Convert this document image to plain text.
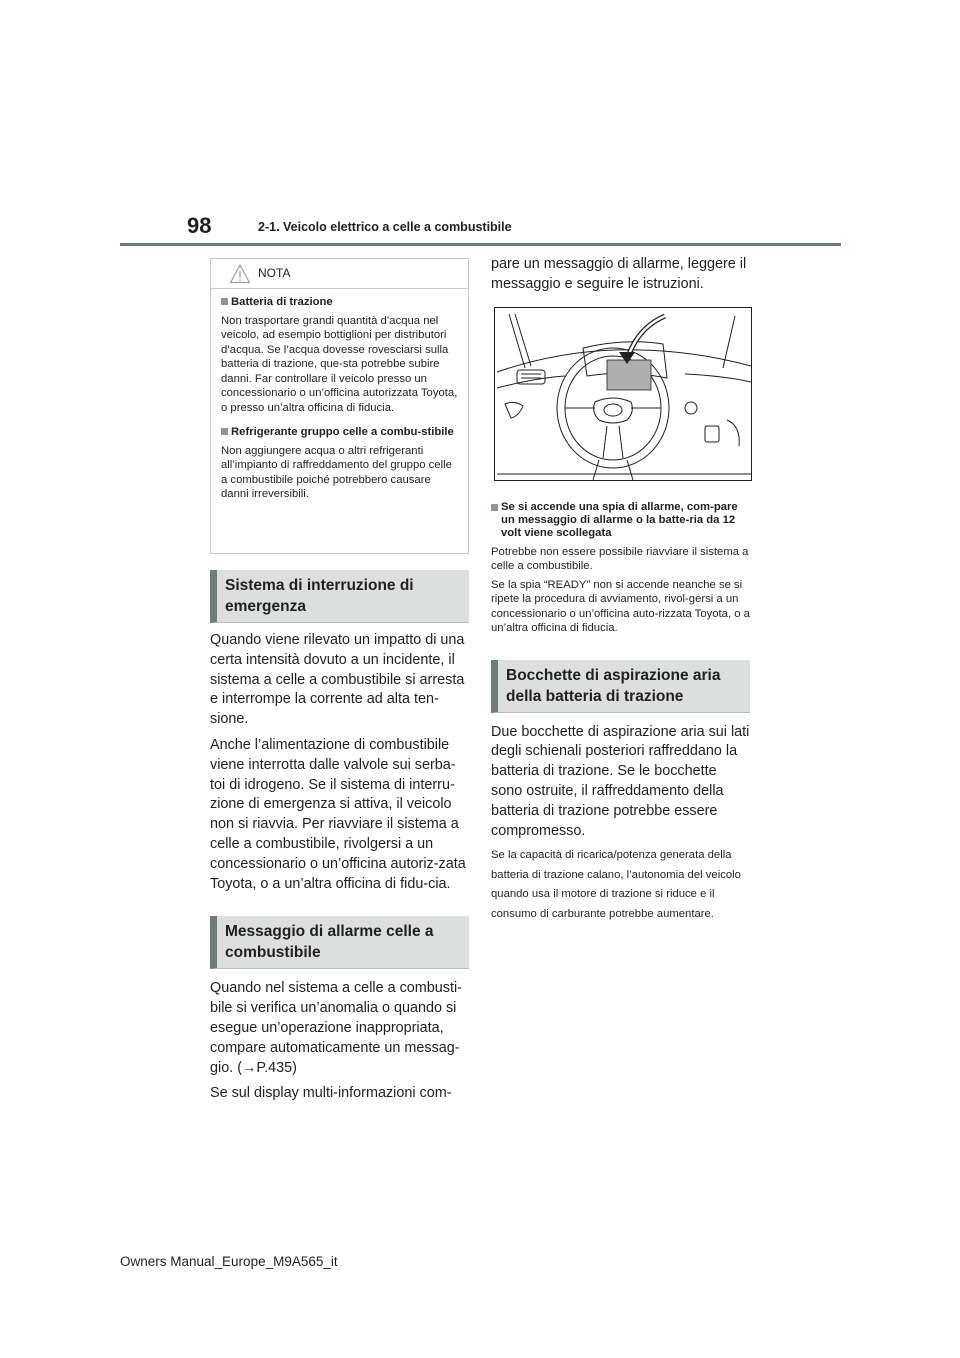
98	2-1. Veicolo elettrico a celle a combustibile
NOTA
Batteria di trazione
Non trasportare grandi quantità d’acqua nel veicolo, ad esempio bottiglioni per distributori d’acqua. Se l’acqua dovesse rovesciarsi sulla batteria di trazione, que-sta potrebbe subire danni. Far controllare il veicolo presso un concessionario o un’officina autorizzata Toyota, o presso un’altra officina di fiducia.
Refrigerante gruppo celle a combu-stibile
Non aggiungere acqua o altri refrigeranti all’impianto di raffreddamento del gruppo celle a combustibile poiché potrebbero causare danni irreversibili.
Sistema di interruzione di emergenza

Quando viene rilevato un impatto di una certa intensità dovuto a un incidente, il sistema a celle a combustibile si arresta e interrompe la corrente ad alta ten-sione.

Anche l’alimentazione di combustibile viene interrotta dalle valvole sui serba-toi di idrogeno. Se il sistema di interru-zione di emergenza si attiva, il veicolo non si riavvia. Per riavviare il sistema a celle a combustibile, rivolgersi a un concessionario o un’officina autoriz-zata Toyota, o a un’altra officina di fidu-cia.

Messaggio di allarme celle a combustibile

Quando nel sistema a celle a combusti-bile si verifica un’anomalia o quando si esegue un’operazione inappropriata, compare automaticamente un messag-gio. (→P.435)

Se sul display multi-informazioni com-

pare un messaggio di allarme, leggere il messaggio e seguire le istruzioni.

Se si accende una spia di allarme, com-pare un messaggio di allarme o la batte-ria da 12 volt viene scollegata

Potrebbe non essere possibile riavviare il sistema a celle a combustibile.

Se la spia “READY” non si accende neanche se si ripete la procedura di avviamento, rivol-gersi a un concessionario o un’officina auto-rizzata Toyota, o a un’altra officina di fiducia.

Bocchette di aspirazione aria della batteria di trazione

Due bocchette di aspirazione aria sui lati degli schienali posteriori raffreddano la batteria di trazione. Se le bocchette sono ostruite, il raffreddamento della batteria di trazione potrebbe essere compromesso.

Se la capacità di ricarica/potenza generata della batteria di trazione calano, l’autonomia del veicolo quando usa il motore di trazione si riduce e il consumo di carburante potrebbe aumentare.

Owners Manual_Europe_M9A565_it
